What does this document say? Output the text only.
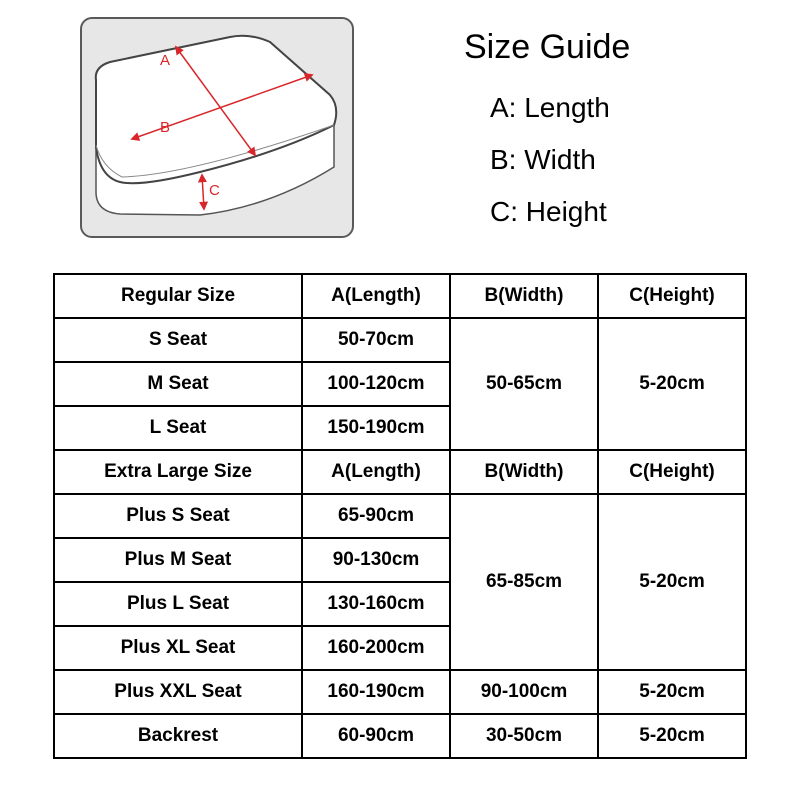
A
B
C
Size Guide
A: Length
B: Width
C: Height
Regular Size	A(Length)	B(Width)	C(Height)
S Seat	50-70cm	50-65cm	5-20cm
M Seat	100-120cm		
L Seat	150-190cm		
Extra Large Size	A(Length)	B(Width)	C(Height)
Plus S Seat	65-90cm	65-85cm	5-20cm
Plus M Seat	90-130cm		
Plus L Seat	130-160cm		
Plus XL Seat	160-200cm		
Plus XXL Seat	160-190cm	90-100cm	5-20cm
Backrest	60-90cm	30-50cm	5-20cm
